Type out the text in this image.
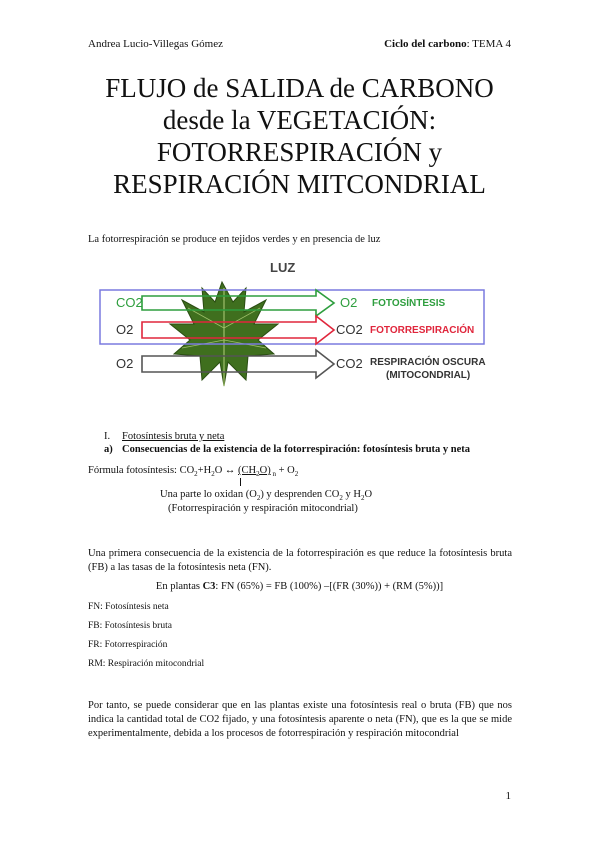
Andrea Lucio-Villegas Gómez	Ciclo del carbono: TEMA 4
FLUJO de SALIDA de CARBONO
desde la VEGETACIÓN:
FOTORRESPIRACIÓN y
RESPIRACIÓN MITCONDRIAL
La fotorrespiración se produce en tejidos verdes y en presencia de luz
LUZ
CO2	O2 FOTOSÍNTESIS
O2	CO2 FOTORRESPIRACIÓN
O2	CO2 RESPIRACIÓN OSCURA
(MITOCONDRIAL)
I. Fotosíntesis bruta y neta
a) Consecuencias de la existencia de la fotorrespiración: fotosíntesis bruta y neta
Fórmula fotosíntesis: $CO_2+H_2O$ ↔ $(CH_2O) _n + O_2$
Una parte lo oxidan $(O_2)$ y desprenden $CO_2$ y $H_2O$
(Fotorrespiración y respiración mitocondrial)
Una primera consecuencia de la existencia de la fotorrespiración es que reduce la fotosíntesis bruta (FB) a las tasas de la fotosíntesis neta (FN).
En plantas C3: FN (65%) = FB (100%) –[(FR (30%)) + (RM (5%))]
FN: Fotosíntesis neta
FB: Fotosíntesis bruta
FR: Fotorrespiración
RM: Respiración mitocondrial
Por tanto, se puede considerar que en las plantas existe una fotosíntesis real o bruta (FB) que nos indica la cantidad total de CO2 fijado, y una fotosíntesis aparente o neta (FN), que es la que se mide experimentalmente, debida a los procesos de fotorrespiración y respiración mitocondrial
1
